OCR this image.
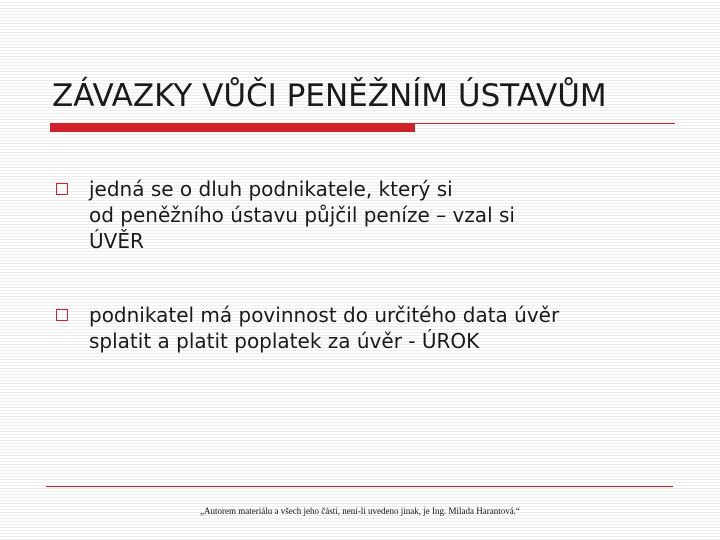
ZÁVAZKY VŮČI PENĚŽNÍM ÚSTAVŮM
jedná se o dluh podnikatele, který si
od peněžního ústavu půjčil peníze – vzal si
ÚVĚR
podnikatel má povinnost do určitého data úvěr
splatit a platit poplatek za úvěr - ÚROK
„Autorem materiálu a všech jeho částí, není-li uvedeno jinak, je Ing. Milada Harantová.“
